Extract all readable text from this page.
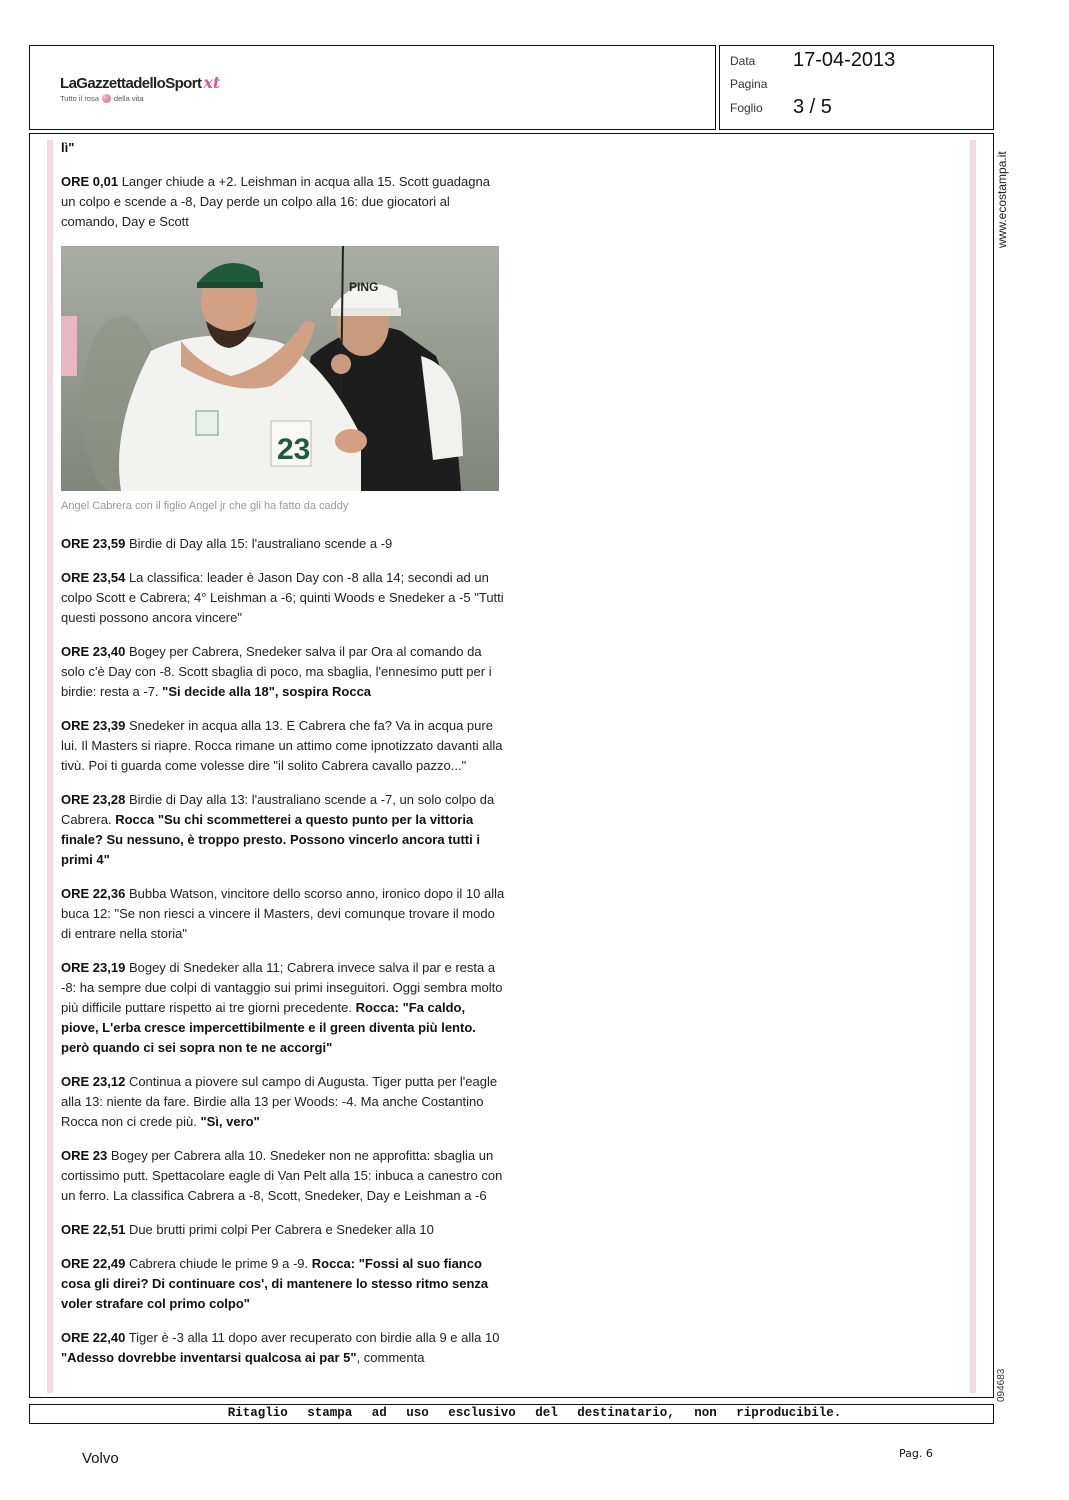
LaGazzettadelloSport xt
Tutto il rosa della vita
Data 17-04-2013
Pagina
Foglio 3 / 5

lì"

ORE 0,01 Langer chiude a +2. Leishman in acqua alla 15. Scott guadagna un colpo e scende a -8, Day perde un colpo alla 16: due giocatori al comando, Day e Scott

PING
23
Angel Cabrera con il figlio Angel jr che gli ha fatto da caddy

ORE 23,59 Birdie di Day alla 15: l'australiano scende a -9

ORE 23,54 La classifica: leader è Jason Day con -8 alla 14; secondi ad un colpo Scott e Cabrera; 4° Leishman a -6; quinti Woods e Snedeker a -5 "Tutti questi possono ancora vincere"

ORE 23,40 Bogey per Cabrera, Snedeker salva il par Ora al comando da solo c'è Day con -8. Scott sbaglia di poco, ma sbaglia, l'ennesimo putt per i birdie: resta a -7. "Si decide alla 18", sospira Rocca

ORE 23,39 Snedeker in acqua alla 13. E Cabrera che fa? Va in acqua pure lui. Il Masters si riapre. Rocca rimane un attimo come ipnotizzato davanti alla tivù. Poi ti guarda come volesse dire "il solito Cabrera cavallo pazzo..."

ORE 23,28 Birdie di Day alla 13: l'australiano scende a -7, un solo colpo da Cabrera. Rocca "Su chi scommetterei a questo punto per la vittoria finale? Su nessuno, è troppo presto. Possono vincerlo ancora tutti i primi 4"

ORE 22,36 Bubba Watson, vincitore dello scorso anno, ironico dopo il 10 alla buca 12: "Se non riesci a vincere il Masters, devi comunque trovare il modo di entrare nella storia"

ORE 23,19 Bogey di Snedeker alla 11; Cabrera invece salva il par e resta a -8: ha sempre due colpi di vantaggio sui primi inseguitori. Oggi sembra molto più difficile puttare rispetto ai tre giorni precedente. Rocca: "Fa caldo, piove, L'erba cresce impercettibilmente e il green diventa più lento. però quando ci sei sopra non te ne accorgi"

ORE 23,12 Continua a piovere sul campo di Augusta. Tiger putta per l'eagle alla 13: niente da fare. Birdie alla 13 per Woods: -4. Ma anche Costantino Rocca non ci crede più. "Sì, vero"

ORE 23 Bogey per Cabrera alla 10. Snedeker non ne approfitta: sbaglia un cortissimo putt. Spettacolare eagle di Van Pelt alla 15: inbuca a canestro con un ferro. La classifica Cabrera a -8, Scott, Snedeker, Day e Leishman a -6

ORE 22,51 Due brutti primi colpi Per Cabrera e Snedeker alla 10

ORE 22,49 Cabrera chiude le prime 9 a -9. Rocca: "Fossi al suo fianco cosa gli direi? Di continuare cos', di mantenere lo stesso ritmo senza voler strafare col primo colpo"

ORE 22,40 Tiger è -3 alla 11 dopo aver recuperato con birdie alla 9 e alla 10 "Adesso dovrebbe inventarsi qualcosa ai par 5", commenta

www.ecostampa.it
094683
Ritaglio stampa ad uso esclusivo del destinatario, non riproducibile.
Volvo	Pag. 6
